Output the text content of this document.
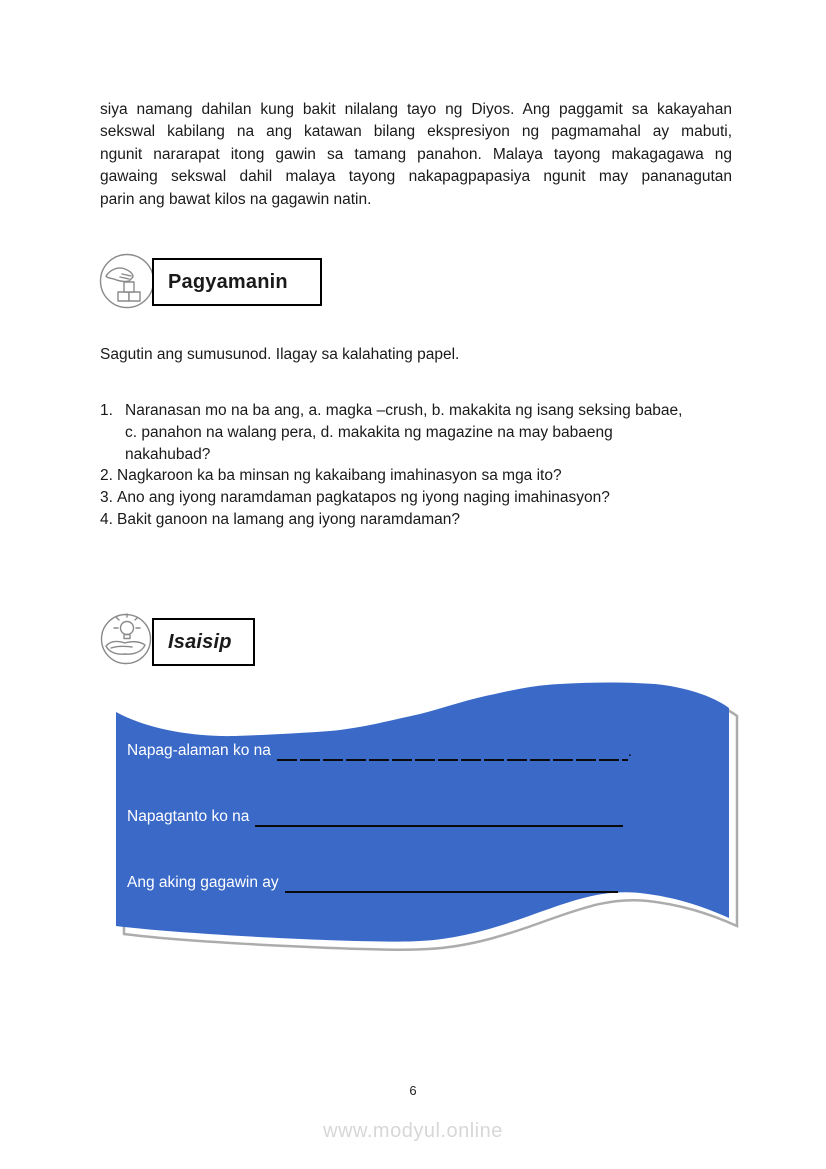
siya namang dahilan kung bakit nilalang tayo ng Diyos. Ang paggamit sa kakayahan
sekswal kabilang na ang katawan bilang ekspresiyon ng pagmamahal ay mabuti,
ngunit nararapat itong gawin sa tamang panahon. Malaya tayong makagagawa ng
gawaing sekswal dahil malaya tayong nakapagpapasiya ngunit may pananagutan
parin ang bawat kilos na gagawin natin.
Pagyamanin
Sagutin ang sumusunod. Ilagay sa kalahating papel.
1. Naranasan mo na ba ang, a. magka –crush, b. makakita ng isang seksing babae,
c. panahon na walang pera, d. makakita ng magazine na may babaeng
nakahubad?
2. Nagkaroon ka ba minsan ng kakaibang imahinasyon sa mga ito?
3. Ano ang iyong naramdaman pagkatapos ng iyong naging imahinasyon?
4. Bakit ganoon na lamang ang iyong naramdaman?
Isaisip
Napag-alaman ko na	.
Napagtanto ko na
Ang aking gagawin ay
6
www.modyul.online
